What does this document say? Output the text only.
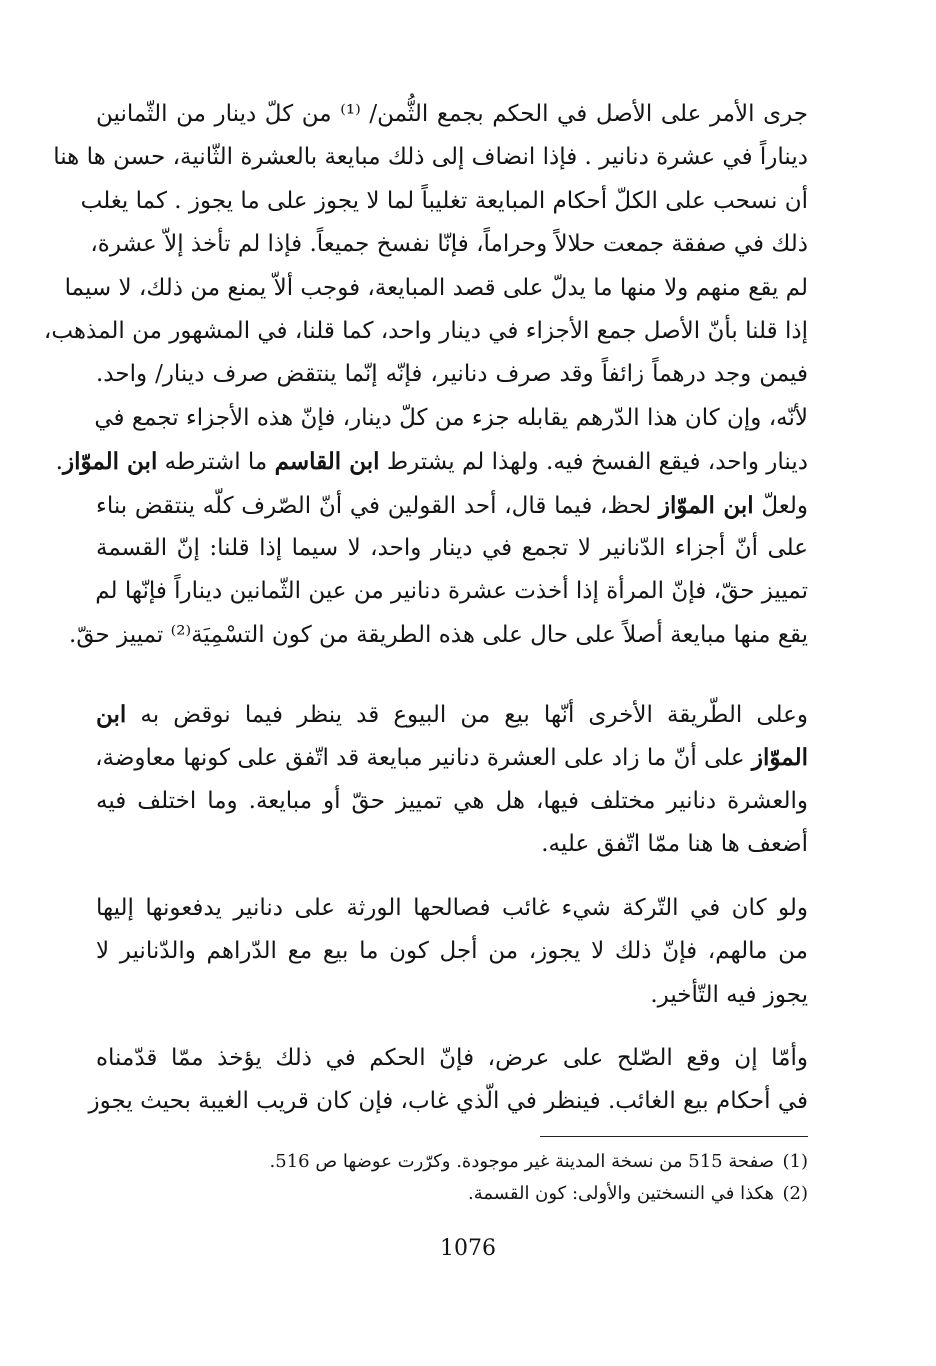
جرى الأمر على الأصل في الحكم بجمع الثُّمن/ ⁽¹⁾ من كلّ دينار من الثّمانين
ديناراً في عشرة دنانير . فإذا انضاف إلى ذلك مبايعة بالعشرة الثّانية، حسن ها هنا
أن نسحب على الكلّ أحكام المبايعة تغليباً لما لا يجوز على ما يجوز . كما يغلب
ذلك في صفقة جمعت حلالاً وحراماً، فإنّا نفسخ جميعاً. فإذا لم تأخذ إلاّ عشرة،
لم يقع منهم ولا منها ما يدلّ على قصد المبايعة، فوجب ألاّ يمنع من ذلك، لا سيما
إذا قلنا بأنّ الأصل جمع الأجزاء في دينار واحد، كما قلنا، في المشهور من المذهب،
فيمن وجد درهماً زائفاً وقد صرف دنانير، فإنّه إنّما ينتقض صرف دينار/ واحد.
لأنّه، وإن كان هذا الدّرهم يقابله جزء من كلّ دينار، فإنّ هذه الأجزاء تجمع في
دينار واحد، فيقع الفسخ فيه. ولهذا لم يشترط ابن القاسم ما اشترطه ابن الموّاز.
ولعلّ ابن الموّاز لحظ، فيما قال، أحد القولين في أنّ الصّرف كلّه ينتقض بناء
على أنّ أجزاء الدّنانير لا تجمع في دينار واحد، لا سيما إذا قلنا: إنّ القسمة
تمييز حقّ، فإنّ المرأة إذا أخذت عشرة دنانير من عين الثّمانين ديناراً فإنّها لم
يقع منها مبايعة أصلاً على حال على هذه الطريقة من كون التسْمِيَة⁽²⁾ تمييز حقّ.
وعلى الطّريقة الأخرى أنّها بيع من البيوع قد ينظر فيما نوقض به ابن
الموّاز على أنّ ما زاد على العشرة دنانير مبايعة قد اتّفق على كونها معاوضة،
والعشرة دنانير مختلف فيها، هل هي تمييز حقّ أو مبايعة. وما اختلف فيه
أضعف ها هنا ممّا اتّفق عليه.
ولو كان في التّركة شيء غائب فصالحها الورثة على دنانير يدفعونها إليها
من مالهم، فإنّ ذلك لا يجوز، من أجل كون ما بيع مع الدّراهم والدّنانير لا
يجوز فيه التّأخير.
وأمّا إن وقع الصّلح على عرض، فإنّ الحكم في ذلك يؤخذ ممّا قدّمناه
في أحكام بيع الغائب. فينظر في الّذي غاب، فإن كان قريب الغيبة بحيث يجوز
(1)صفحة 515 من نسخة المدينة غير موجودة. وكرّرت عوضها ص 516.
(2)هكذا في النسختين والأولى: كون القسمة.
1076
